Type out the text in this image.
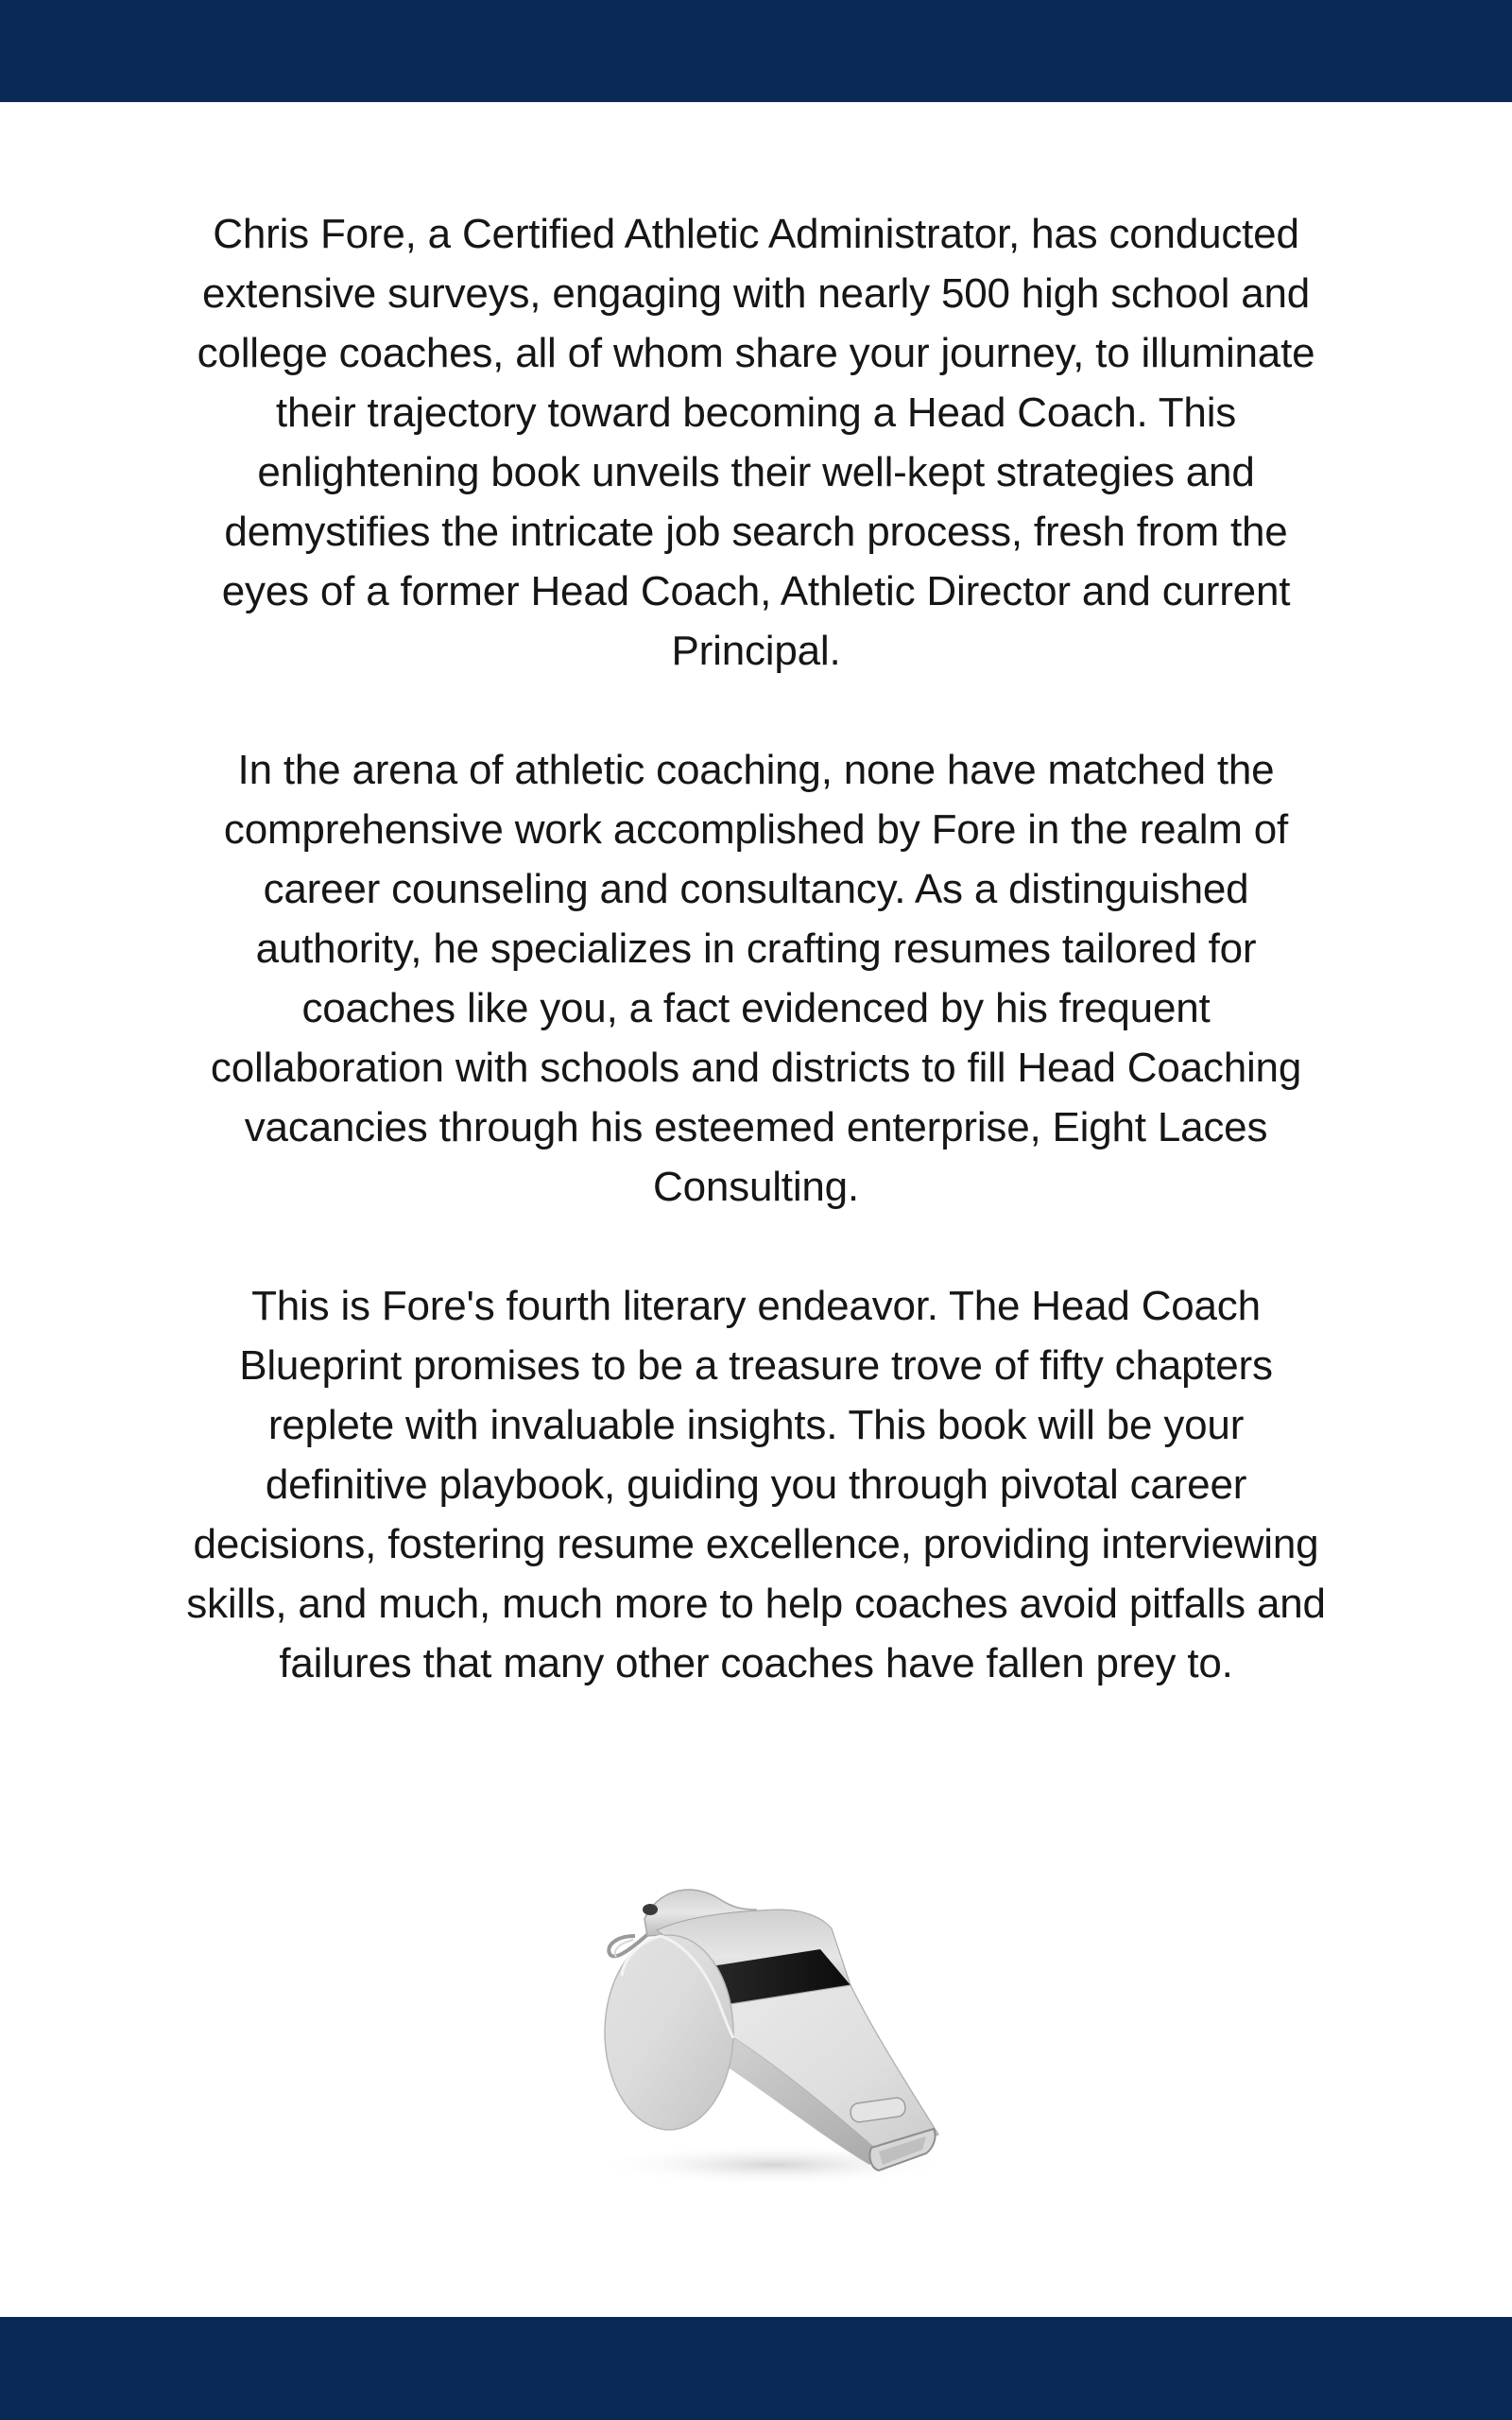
Chris Fore, a Certified Athletic Administrator, has conducted
extensive surveys, engaging with nearly 500 high school and
college coaches, all of whom share your journey, to illuminate
their trajectory toward becoming a Head Coach. This
enlightening book unveils their well-kept strategies and
demystifies the intricate job search process, fresh from the
eyes of a former Head Coach, Athletic Director and current
Principal.

In the arena of athletic coaching, none have matched the
comprehensive work accomplished by Fore in the realm of
career counseling and consultancy. As a distinguished
authority, he specializes in crafting resumes tailored for
coaches like you, a fact evidenced by his frequent
collaboration with schools and districts to fill Head Coaching
vacancies through his esteemed enterprise, Eight Laces
Consulting.

This is Fore's fourth literary endeavor. The Head Coach
Blueprint promises to be a treasure trove of fifty chapters
replete with invaluable insights. This book will be your
definitive playbook, guiding you through pivotal career
decisions, fostering resume excellence, providing interviewing
skills, and much, much more to help coaches avoid pitfalls and
failures that many other coaches have fallen prey to.
